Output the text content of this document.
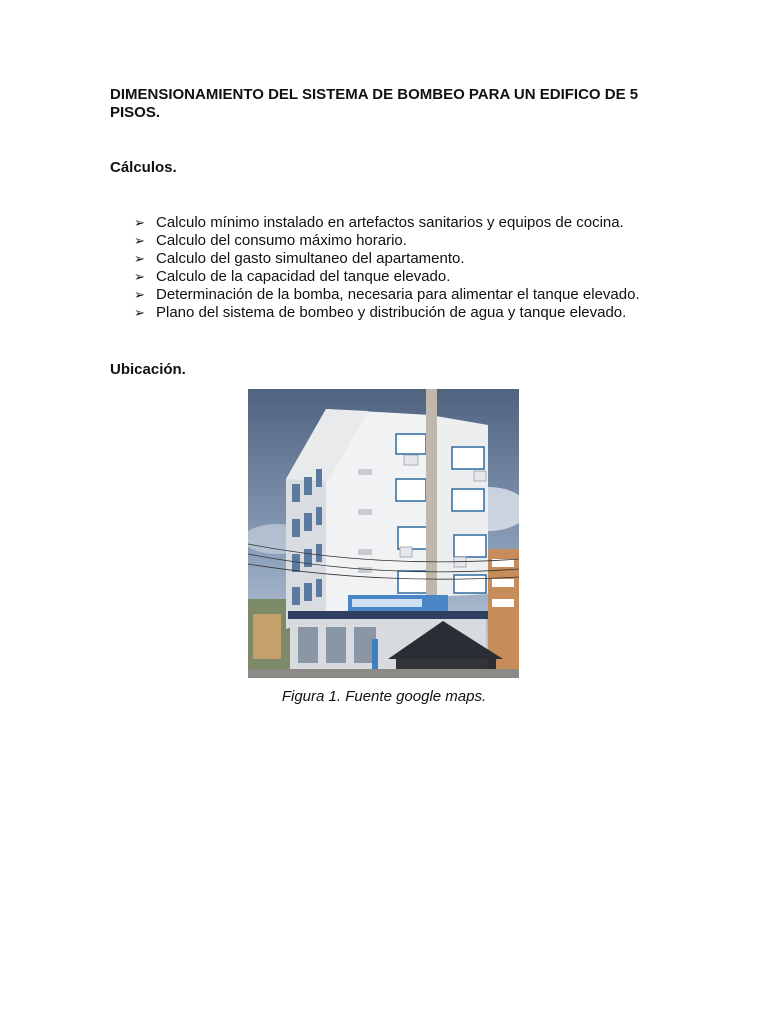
DIMENSIONAMIENTO DEL SISTEMA DE BOMBEO PARA UN EDIFICO DE 5 PISOS.

Cálculos.

➢ Calculo mínimo instalado en artefactos sanitarios y equipos de cocina.
➢ Calculo del consumo máximo horario.
➢ Calculo del gasto simultaneo del apartamento.
➢ Calculo de la capacidad del tanque elevado.
➢ Determinación de la bomba, necesaria para alimentar el tanque elevado.
➢ Plano del sistema de bombeo y distribución de agua y tanque elevado.

Ubicación.

Figura 1. Fuente google maps.
